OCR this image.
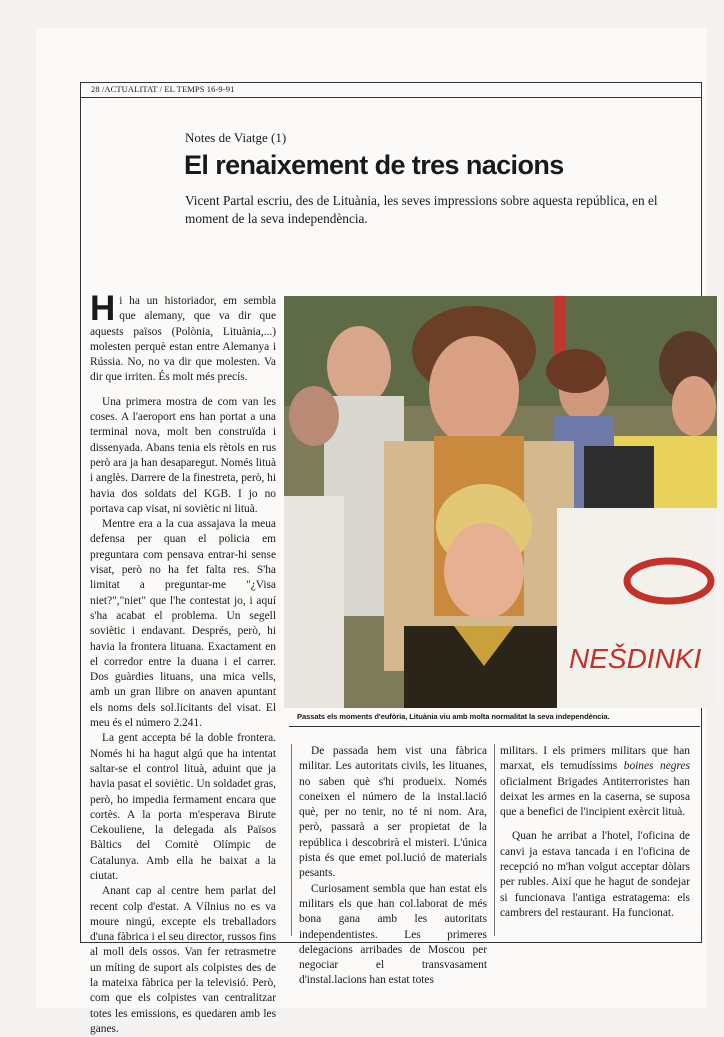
28 /ACTUALITAT / EL TEMPS 16-9-91
Notes de Viatge (1)
El renaixement de tres nacions
Vicent Partal escriu, des de Lituània, les seves impressions sobre aquesta república, en el moment de la seva independència.

Hi ha un historiador, em sembla que alemany, que va dir que aquests països (Polònia, Lituània,...) molesten perquè estan entre Alemanya i Rússia. No, no va dir que molesten. Va dir que irriten. És molt més precís.

Una primera mostra de com van les coses. A l'aeroport ens han portat a una terminal nova, molt ben construïda i dissenyada. Abans tenia els rètols en rus però ara ja han desaparegut. Només lituà i anglès. Darrere de la finestreta, però, hi havia dos soldats del KGB. I jo no portava cap visat, ni soviètic ni lituà.

Mentre era a la cua assajava la meua defensa per quan el policia em preguntara com pensava entrar-hi sense visat, però no ha fet falta res. S'ha limitat a preguntar-me "¿Visa niet?","niet" que l'he contestat jo, i aquí s'ha acabat el problema. Un segell soviètic i endavant. Després, però, hi havia la frontera lituana. Exactament en el corredor entre la duana i el carrer. Dos guàrdies lituans, una mica vells, amb un gran llibre on anaven apuntant els noms dels sol.licitants del visat. El meu és el número 2.241.

La gent accepta bé la doble frontera. Només hi ha hagut algú que ha intentat saltar-se el control lituà, aduint que ja havia pasat el soviètic. Un soldadet gras, però, ho impedia fermament encara que cortès. A la porta m'esperava Birute Cekouliene, la delegada als Països Bàltics del Comitè Olímpic de Catalunya. Amb ella he baixat a la ciutat.

Anant cap al centre hem parlat del recent colp d'estat. A Vílnius no es va moure ningú, excepte els treballadors d'una fàbrica i el seu director, russos fins al moll dels ossos. Van fer retrasmetre un míting de suport als colpistes des de la mateixa fàbrica per la televisió. Però, com que els colpistes van centralitzar totes les emissions, es quedaren amb les ganes.

NEŠDINKI
Passats els moments d'eufòria, Lituània viu amb molta normalitat la seva independència.

De passada hem vist una fàbrica militar. Les autoritats civils, les lituanes, no saben què s'hi produeix. Només coneixen el número de la instal.lació què, per no tenir, no té ni nom. Ara, però, passarà a ser propietat de la república i descobrirà el misteri. L'única pista és que emet pol.lució de materials pesants.

Curiosament sembla que han estat els militars els que han col.laborat de més bona gana amb les autoritats independentistes. Les primeres delegacions arribades de Moscou per negociar el transvasament d'instal.lacions han estat totes

militars. I els primers militars que han marxat, els temudíssims boines negres oficialment Brigades Antiterroristes han deixat les armes en la caserna, se suposa que a benefici de l'incipient exèrcit lituà.

Quan he arribat a l'hotel, l'oficina de canvi ja estava tancada i en l'oficina de recepció no m'han volgut acceptar dòlars per rubles. Així que he hagut de sondejar si funcionava l'antiga estratagema: els cambrers del restaurant. Ha funcionat.
